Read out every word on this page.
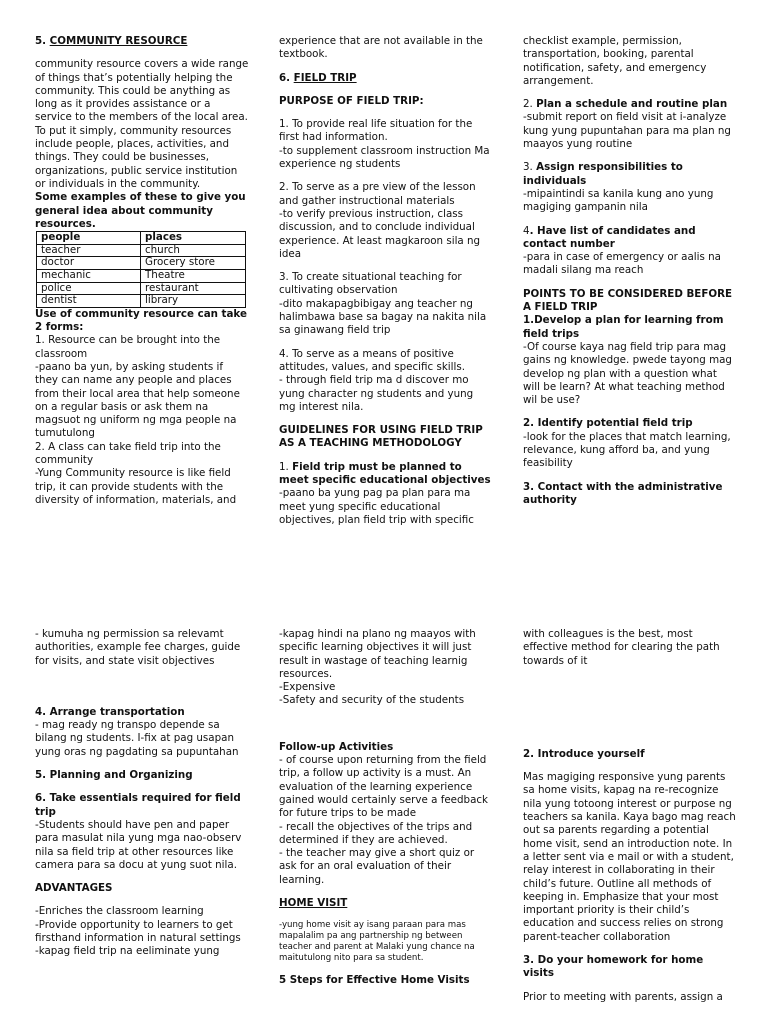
5. COMMUNITY RESOURCE

community resource covers a wide range of things that’s potentially helping the community. This could be anything as long as it provides assistance or a service to the members of the local area. To put it simply, community resources include people, places, activities, and things. They could be businesses, organizations, public service institution or individuals in the community.

Some examples of these to give you general idea about community resources.

people	places
teacher	church
doctor	Grocery store
mechanic	Theatre
police	restaurant
dentist	library

Use of community resource can take 2 forms:

1. Resource can be brought into the classroom

-paano ba yun, by asking students if they can name any people and places from their local area that help someone on a regular basis or ask them na magsuot ng uniform ng mga people na tumutulong

2. A class can take field trip into the community

-Yung Community resource is like field trip, it can provide students with the diversity of information, materials, and

experience that are not available in the textbook.

6. FIELD TRIP

PURPOSE OF FIELD TRIP:

1. To provide real life situation for the first had information.
-to supplement classroom instruction Ma experience ng students

2. To serve as a pre view of the lesson and gather instructional materials
-to verify previous instruction, class discussion, and to conclude individual experience. At least magkaroon sila ng idea

3. To create situational teaching for cultivating observation
-dito makapagbibigay ang teacher ng halimbawa base sa bagay na nakita nila sa ginawang field trip

4. To serve as a means of positive attitudes, values, and specific skills.
- through field trip ma d discover mo yung character ng students and yung mg interest nila.

GUIDELINES FOR USING FIELD TRIP AS A TEACHING METHODOLOGY

1. Field trip must be planned to meet specific educational objectives

-paano ba yung pag pa plan para ma meet yung specific educational objectives, plan field trip with specific

checklist example, permission, transportation, booking, parental notification, safety, and emergency arrangement.

2. Plan a schedule and routine plan
-submit report on field visit at i-analyze kung yung pupuntahan para ma plan ng maayos yung routine

3. Assign responsibilities to individuals
-mipaintindi sa kanila kung ano yung magiging gampanin nila

4. Have list of candidates and contact number
-para in case of emergency or aalis na madali silang ma reach

POINTS TO BE CONSIDERED BEFORE A FIELD TRIP

1.Develop a plan for learning from field trips
-Of course kaya nag field trip para mag gains ng knowledge. pwede tayong mag develop ng plan with a question what will be learn? At what teaching method wil be use?

2. Identify potential field trip
-look for the places that match learning, relevance, kung afford ba, and yung feasibility

3. Contact with the administrative authority

- kumuha ng permission sa relevamt authorities, example fee charges, guide for visits, and state visit objectives

4. Arrange transportation
- mag ready ng transpo depende sa bilang ng students. I-fix at pag usapan yung oras ng pagdating sa pupuntahan

5. Planning and Organizing

6. Take essentials required for field trip
-Students should have pen and paper para masulat nila yung mga nao-observ nila sa field trip at other resources like camera para sa docu at yung suot nila.

ADVANTAGES

-Enriches the classroom learning

-Provide opportunity to learners to get firsthand information in natural settings

-kapag field trip na eeliminate yung

-kapag hindi na plano ng maayos with specific learning objectives it will just result in wastage of teaching learnig resources.

-Expensive

-Safety and security of the students

Follow-up Activities

- of course upon returning from the field trip, a follow up activity is a must. An evaluation of the learning experience gained would certainly serve a feedback for future trips to be made

- recall the objectives of the trips and determined if they are achieved.

- the teacher may give a short quiz or ask for an oral evaluation of their learning.

HOME VISIT

-yung home visit ay isang paraan para mas mapalalim pa ang partnership ng between teacher and parent at Malaki yung chance na maitutulong nito para sa student.

5 Steps for Effective Home Visits

with colleagues is the best, most effective method for clearing the path towards of it

2. Introduce yourself

Mas magiging responsive yung parents sa home visits, kapag na re-recognize nila yung totoong interest or purpose ng teachers sa kanila. Kaya bago mag reach out sa parents regarding a potential home visit, send an introduction note. In a letter sent via e mail or with a student, relay interest in collaborating in their child’s future. Outline all methods of keeping in. Emphasize that your most important priority is their child’s education and success relies on strong parent-teacher collaboration

3. Do your homework for home visits

Prior to meeting with parents, assign a
